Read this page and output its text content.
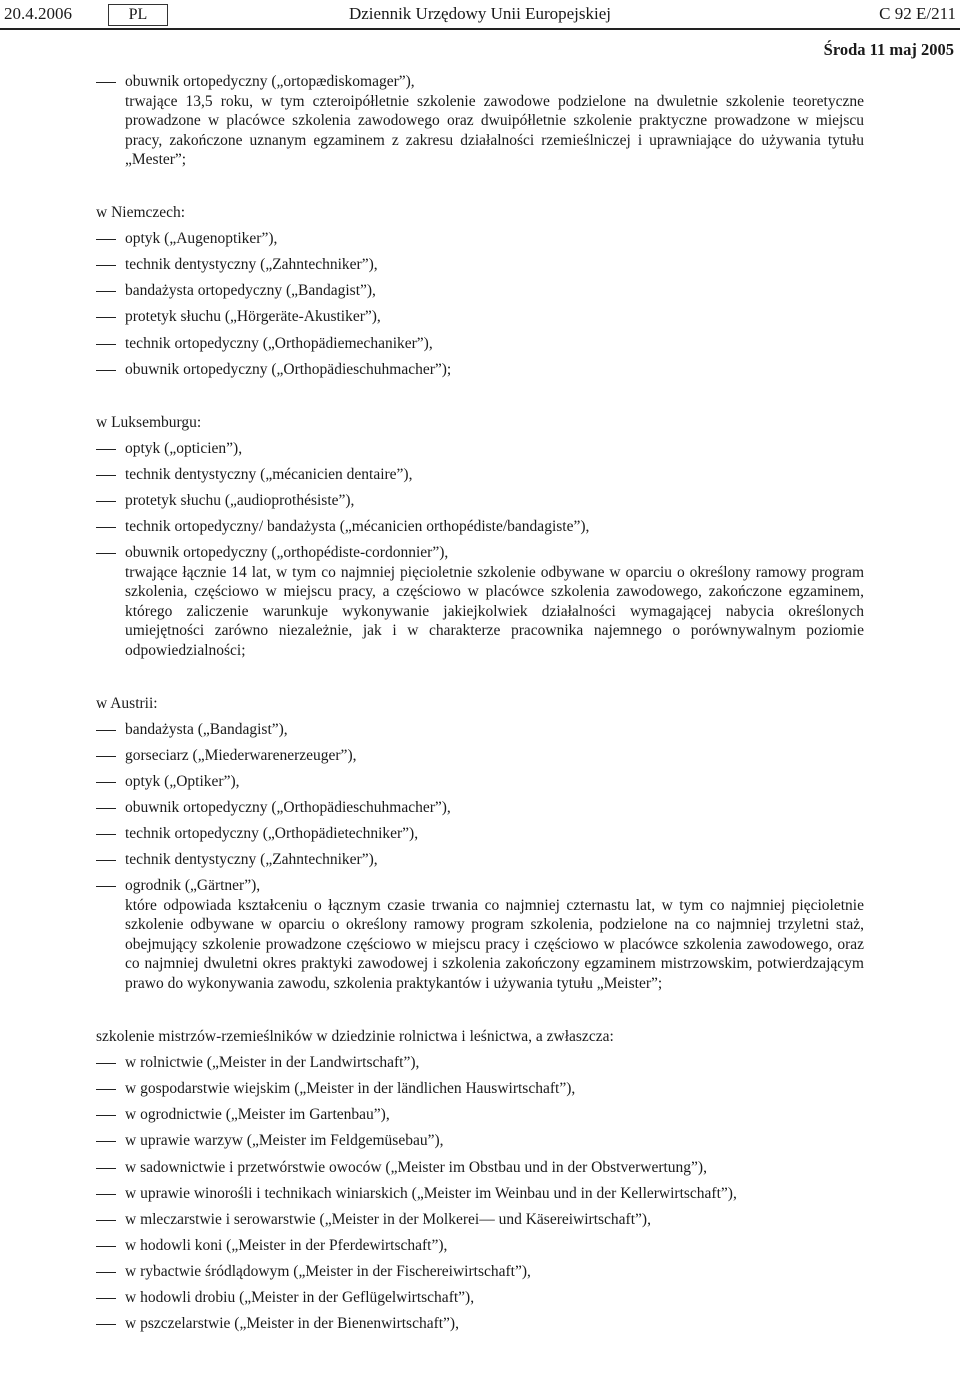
20.4.2006	PL	Dziennik Urzędowy Unii Europejskiej	C 92 E/211
Środa 11 maj 2005
obuwnik ortopedyczny („ortopædiskomager”),
trwające 13,5 roku, w tym czteroipółletnie szkolenie zawodowe podzielone na dwuletnie szkolenie teoretyczne prowadzone w placówce szkolenia zawodowego oraz dwuipółletnie szkolenie praktyczne prowadzone w miejscu pracy, zakończone uznanym egzaminem z zakresu działalności rzemieślniczej i uprawniające do używania tytułu „Mester”;
w Niemczech:
optyk („Augenoptiker”),
technik dentystyczny („Zahntechniker”),
bandażysta ortopedyczny („Bandagist”),
protetyk słuchu („Hörgeräte-Akustiker”),
technik ortopedyczny („Orthopädiemechaniker”),
obuwnik ortopedyczny („Orthopädieschuhmacher”);
w Luksemburgu:
optyk („opticien”),
technik dentystyczny („mécanicien dentaire”),
protetyk słuchu („audioprothésiste”),
technik ortopedyczny/ bandażysta („mécanicien orthopédiste/bandagiste”),
obuwnik ortopedyczny („orthopédiste-cordonnier”),
trwające łącznie 14 lat, w tym co najmniej pięcioletnie szkolenie odbywane w oparciu o określony ramowy program szkolenia, częściowo w miejscu pracy, a częściowo w placówce szkolenia zawodowego, zakończone egzaminem, którego zaliczenie warunkuje wykonywanie jakiejkolwiek działalności wymagającej nabycia określonych umiejętności zarówno niezależnie, jak i w charakterze pracownika najemnego o porównywalnym poziomie odpowiedzialności;
w Austrii:
bandażysta („Bandagist”),
gorseciarz („Miederwarenerzeuger”),
optyk („Optiker”),
obuwnik ortopedyczny („Orthopädieschuhmacher”),
technik ortopedyczny („Orthopädietechniker”),
technik dentystyczny („Zahntechniker”),
ogrodnik („Gärtner”),
które odpowiada kształceniu o łącznym czasie trwania co najmniej czternastu lat, w tym co najmniej pięcioletnie szkolenie odbywane w oparciu o określony ramowy program szkolenia, podzielone na co najmniej trzyletni staż, obejmujący szkolenie prowadzone częściowo w miejscu pracy i częściowo w placówce szkolenia zawodowego, oraz co najmniej dwuletni okres praktyki zawodowej i szkolenia zakończony egzaminem mistrzowskim, potwierdzającym prawo do wykonywania zawodu, szkolenia praktykantów i używania tytułu „Meister”;
szkolenie mistrzów-rzemieślników w dziedzinie rolnictwa i leśnictwa, a zwłaszcza:
w rolnictwie („Meister in der Landwirtschaft”),
w gospodarstwie wiejskim („Meister in der ländlichen Hauswirtschaft”),
w ogrodnictwie („Meister im Gartenbau”),
w uprawie warzyw („Meister im Feldgemüsebau”),
w sadownictwie i przetwórstwie owoców („Meister im Obstbau und in der Obstverwertung”),
w uprawie winorośli i technikach winiarskich („Meister im Weinbau und in der Kellerwirtschaft”),
w mleczarstwie i serowarstwie („Meister in der Molkerei— und Käsereiwirtschaft”),
w hodowli koni („Meister in der Pferdewirtschaft”),
w rybactwie śródlądowym („Meister in der Fischereiwirtschaft”),
w hodowli drobiu („Meister in der Geflügelwirtschaft”),
w pszczelarstwie („Meister in der Bienenwirtschaft”),
